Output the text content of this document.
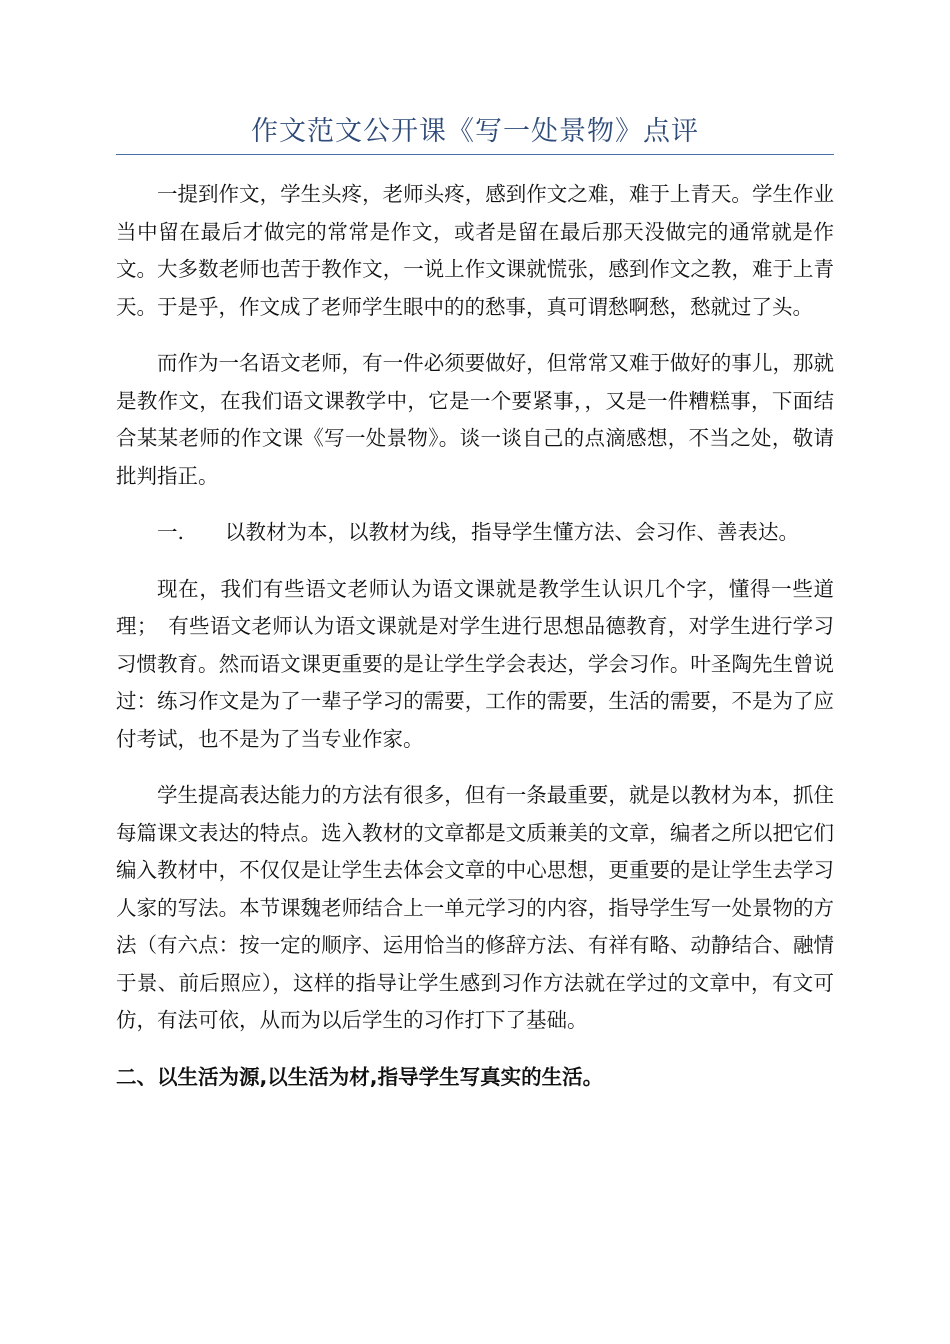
作文范文公开课《写一处景物》点评

一提到作文，学生头疼，老师头疼，感到作文之难，难于上青天。学生作业当中留在最后才做完的常常是作文，或者是留在最后那天没做完的通常就是作文。大多数老师也苦于教作文，一说上作文课就慌张，感到作文之教，难于上青天。于是乎，作文成了老师学生眼中的的愁事，真可谓愁啊愁，愁就过了头。

而作为一名语文老师，有一件必须要做好，但常常又难于做好的事儿，那就是教作文，在我们语文课教学中，它是一个要紧事，，又是一件糟糕事，下面结合某某老师的作文课《写一处景物》。谈一谈自己的点滴感想，不当之处，敬请批判指正。

一.　　以教材为本，以教材为线，指导学生懂方法、会习作、善表达。

现在，我们有些语文老师认为语文课就是教学生认识几个字，懂得一些道理；　有些语文老师认为语文课就是对学生进行思想品德教育，对学生进行学习习惯教育。然而语文课更重要的是让学生学会表达，学会习作。叶圣陶先生曾说过：练习作文是为了一辈子学习的需要，工作的需要，生活的需要，不是为了应付考试，也不是为了当专业作家。

学生提高表达能力的方法有很多，但有一条最重要，就是以教材为本，抓住每篇课文表达的特点。选入教材的文章都是文质兼美的文章，编者之所以把它们编入教材中，不仅仅是让学生去体会文章的中心思想，更重要的是让学生去学习人家的写法。本节课魏老师结合上一单元学习的内容，指导学生写一处景物的方法（有六点：按一定的顺序、运用恰当的修辞方法、有祥有略、动静结合、融情于景、前后照应），这样的指导让学生感到习作方法就在学过的文章中，有文可仿，有法可依，从而为以后学生的习作打下了基础。

二、以生活为源,以生活为材,指导学生写真实的生活。
